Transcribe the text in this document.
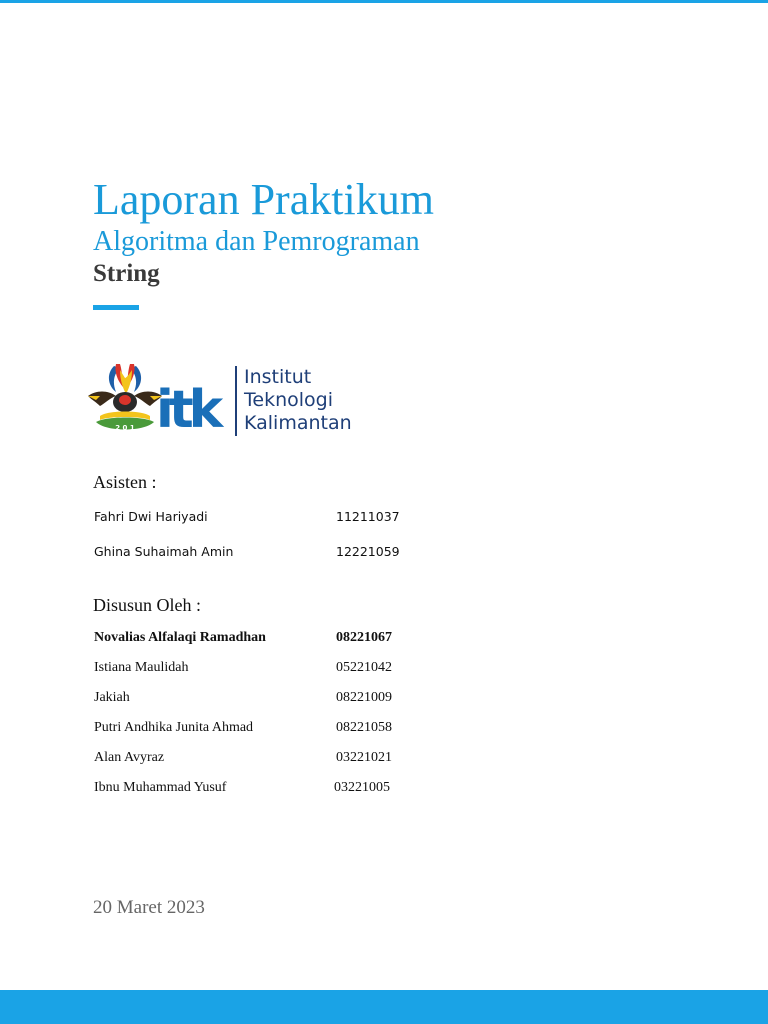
Laporan Praktikum
Algoritma dan Pemrograman
String
2 0 1 itk
Institut
Teknologi
Kalimantan
Asisten :
Fahri Dwi Hariyadi	11211037
Ghina Suhaimah Amin	12221059
Disusun Oleh :
Novalias Alfalaqi Ramadhan	08221067
Istiana Maulidah	05221042
Jakiah	08221009
Putri Andhika Junita Ahmad	08221058
Alan Avyraz	03221021
Ibnu Muhammad Yusuf	03221005
20 Maret 2023
